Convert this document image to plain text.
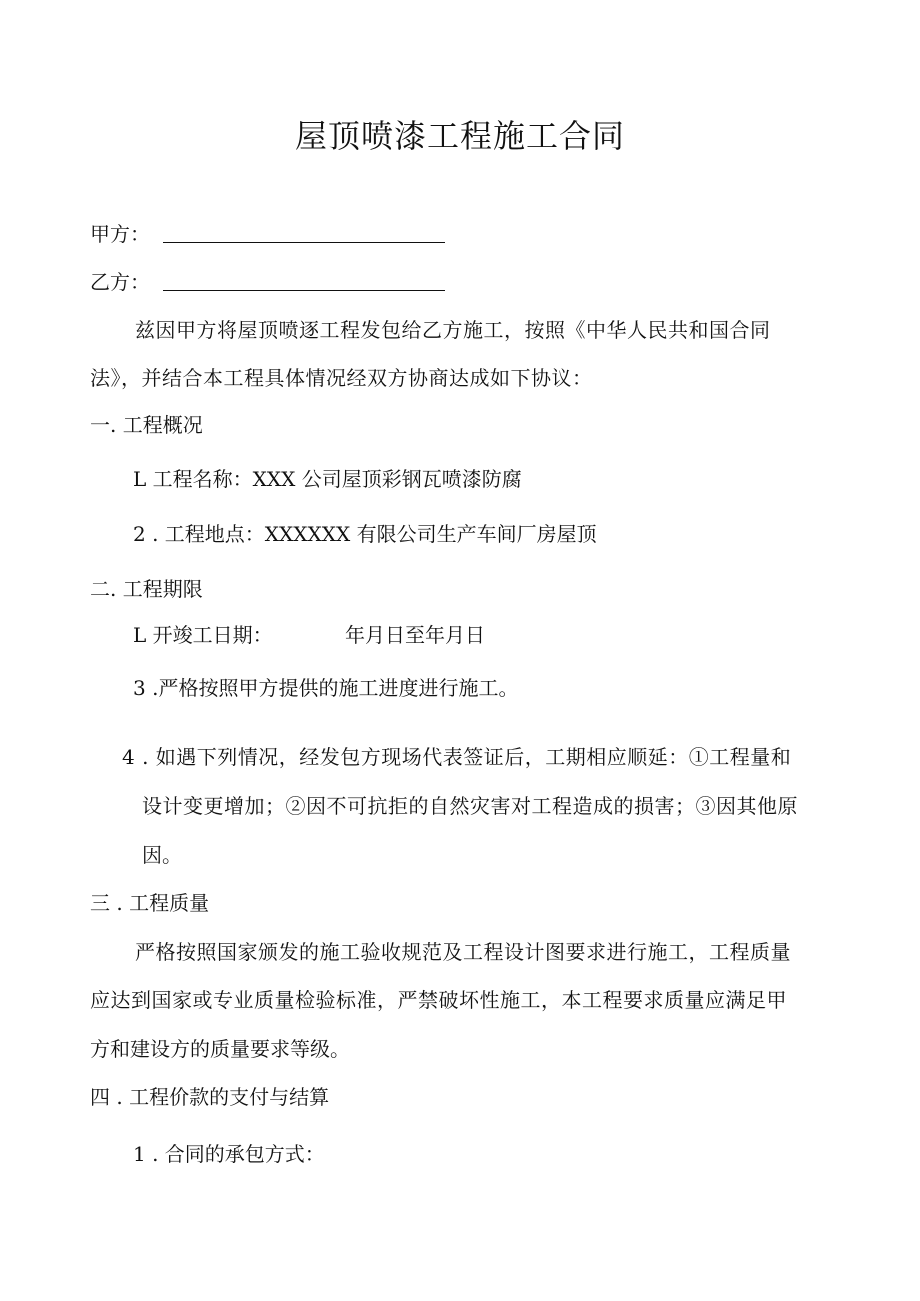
屋顶喷漆工程施工合同
甲方：
乙方：
兹因甲方将屋顶喷逐工程发包给乙方施工，按照《中华人民共和国合同
法》，并结合本工程具体情况经双方协商达成如下协议：
一. 工程概况
L 工程名称：XXX 公司屋顶彩钢瓦喷漆防腐
2 . 工程地点：XXXXXX 有限公司生产车间厂房屋顶
二. 工程期限
L 开竣工日期：	年月日至年月日
3 .严格按照甲方提供的施工进度进行施工。
4 . 如遇下列情况，经发包方现场代表签证后，工期相应顺延：①工程量和
设计变更增加；②因不可抗拒的自然灾害对工程造成的损害；③因其他原
因。
三 . 工程质量
严格按照国家颁发的施工验收规范及工程设计图要求进行施工，工程质量
应达到国家或专业质量检验标准，严禁破坏性施工，本工程要求质量应满足甲
方和建设方的质量要求等级。
四 . 工程价款的支付与结算
1 . 合同的承包方式：
